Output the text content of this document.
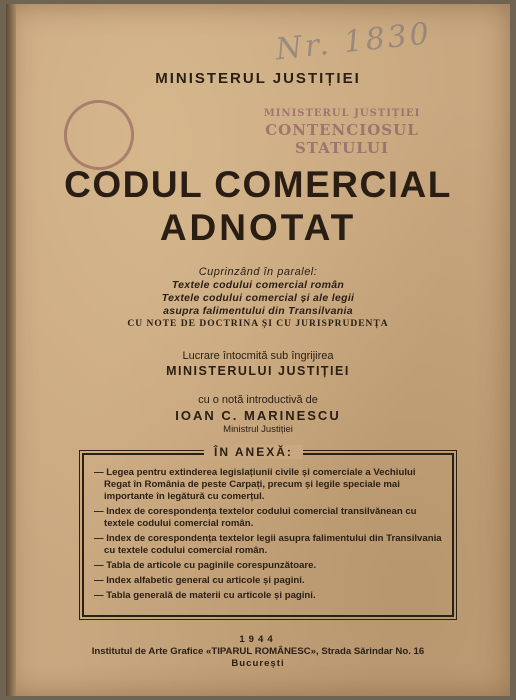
Nr. 1830
MINISTERUL JUSTIȚIEI
MINISTERUL JUSTIȚIEI
CONTENCIOSUL STATULUI
CODUL COMERCIAL
ADNOTAT
Cuprinzând în paralel:
Textele codului comercial român
Textele codului comercial și ale legii
asupra falimentului din Transilvania
CU NOTE DE DOCTRINA ȘI CU JURISPRUDENȚA
Lucrare întocmită sub îngrijirea
MINISTERULUI JUSTIȚIEI
cu o notă introductivă de
IOAN C. MARINESCU
Ministrul Justiției
ÎN ANEXĂ:
— Legea pentru extinderea legislațiunii civile și comerciale a Vechiului Regat în România de peste Carpați, precum și legile speciale mai importante în legătură cu comerțul.
— Index de corespondența textelor codului comercial transilvănean cu textele codului comercial român.
— Index de corespondența textelor legii asupra falimentului din Transilvania cu textele codului comercial român.
— Tabla de articole cu paginile corespunzătoare.
— Index alfabetic general cu articole și pagini.
— Tabla generală de materii cu articole și pagini.
1944
Institutul de Arte Grafice «TIPARUL ROMÂNESC», Strada Sărindar No. 16
București
